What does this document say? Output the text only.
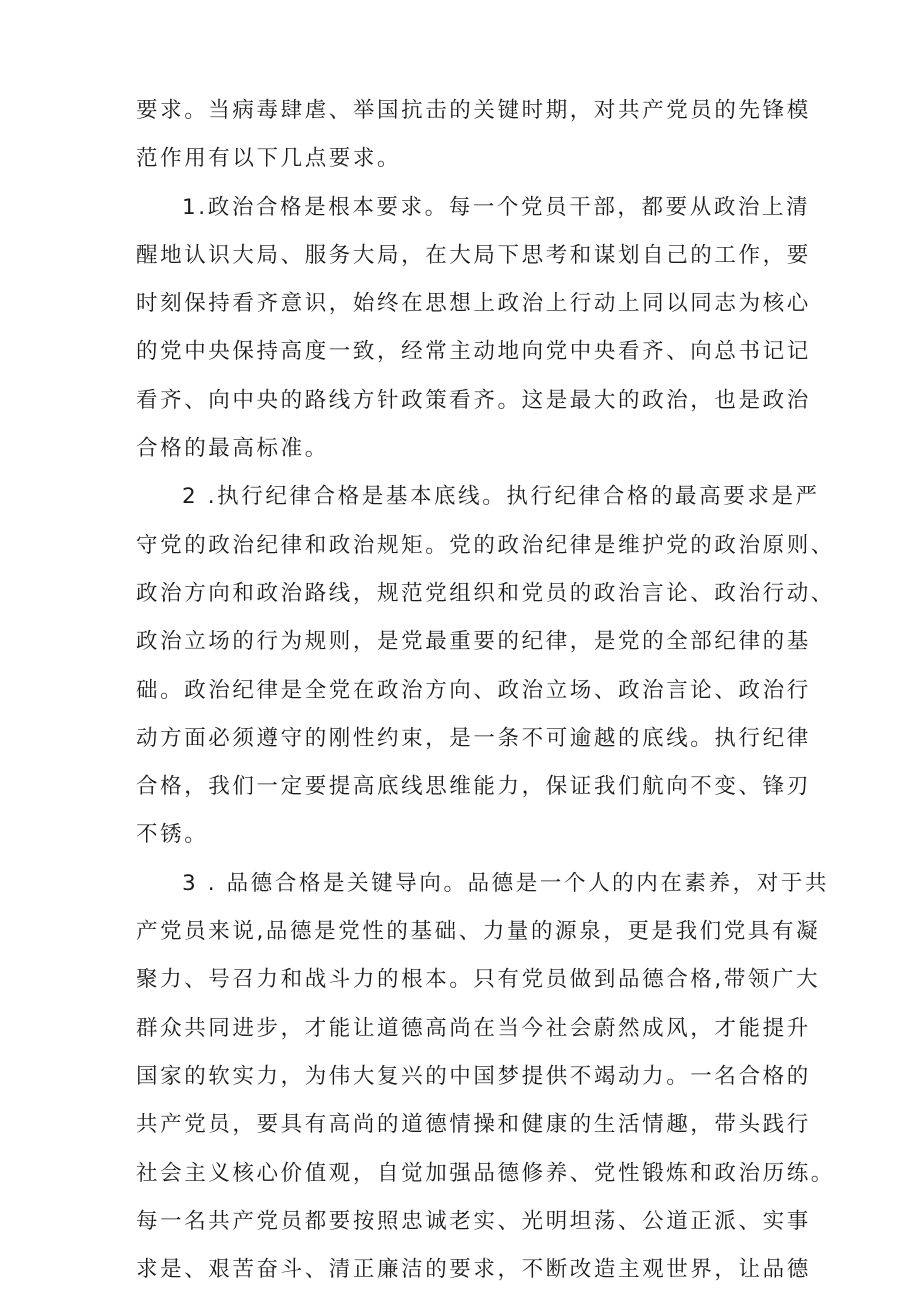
要求。当病毒肆虐、举国抗击的关键时期，对共产党员的先锋模
范作用有以下几点要求。
1.政治合格是根本要求。每一个党员干部，都要从政治上清
醒地认识大局、服务大局，在大局下思考和谋划自己的工作，要
时刻保持看齐意识，始终在思想上政治上行动上同以同志为核心
的党中央保持高度一致，经常主动地向党中央看齐、向总书记记
看齐、向中央的路线方针政策看齐。这是最大的政治，也是政治
合格的最高标准。
2 .执行纪律合格是基本底线。执行纪律合格的最高要求是严
守党的政治纪律和政治规矩。党的政治纪律是维护党的政治原则、
政治方向和政治路线，规范党组织和党员的政治言论、政治行动、
政治立场的行为规则，是党最重要的纪律，是党的全部纪律的基
础。政治纪律是全党在政治方向、政治立场、政治言论、政治行
动方面必须遵守的刚性约束，是一条不可逾越的底线。执行纪律
合格，我们一定要提高底线思维能力，保证我们航向不变、锋刃
不锈。
3 . 品德合格是关键导向。品德是一个人的内在素养，对于共
产党员来说,品德是党性的基础、力量的源泉，更是我们党具有凝
聚力、号召力和战斗力的根本。只有党员做到品德合格,带领广大
群众共同进步，才能让道德高尚在当今社会蔚然成风，才能提升
国家的软实力，为伟大复兴的中国梦提供不竭动力。一名合格的
共产党员，要具有高尚的道德情操和健康的生活情趣，带头践行
社会主义核心价值观，自觉加强品德修养、党性锻炼和政治历练。
每一名共产党员都要按照忠诚老实、光明坦荡、公道正派、实事
求是、艰苦奋斗、清正廉洁的要求，不断改造主观世界，让品德
